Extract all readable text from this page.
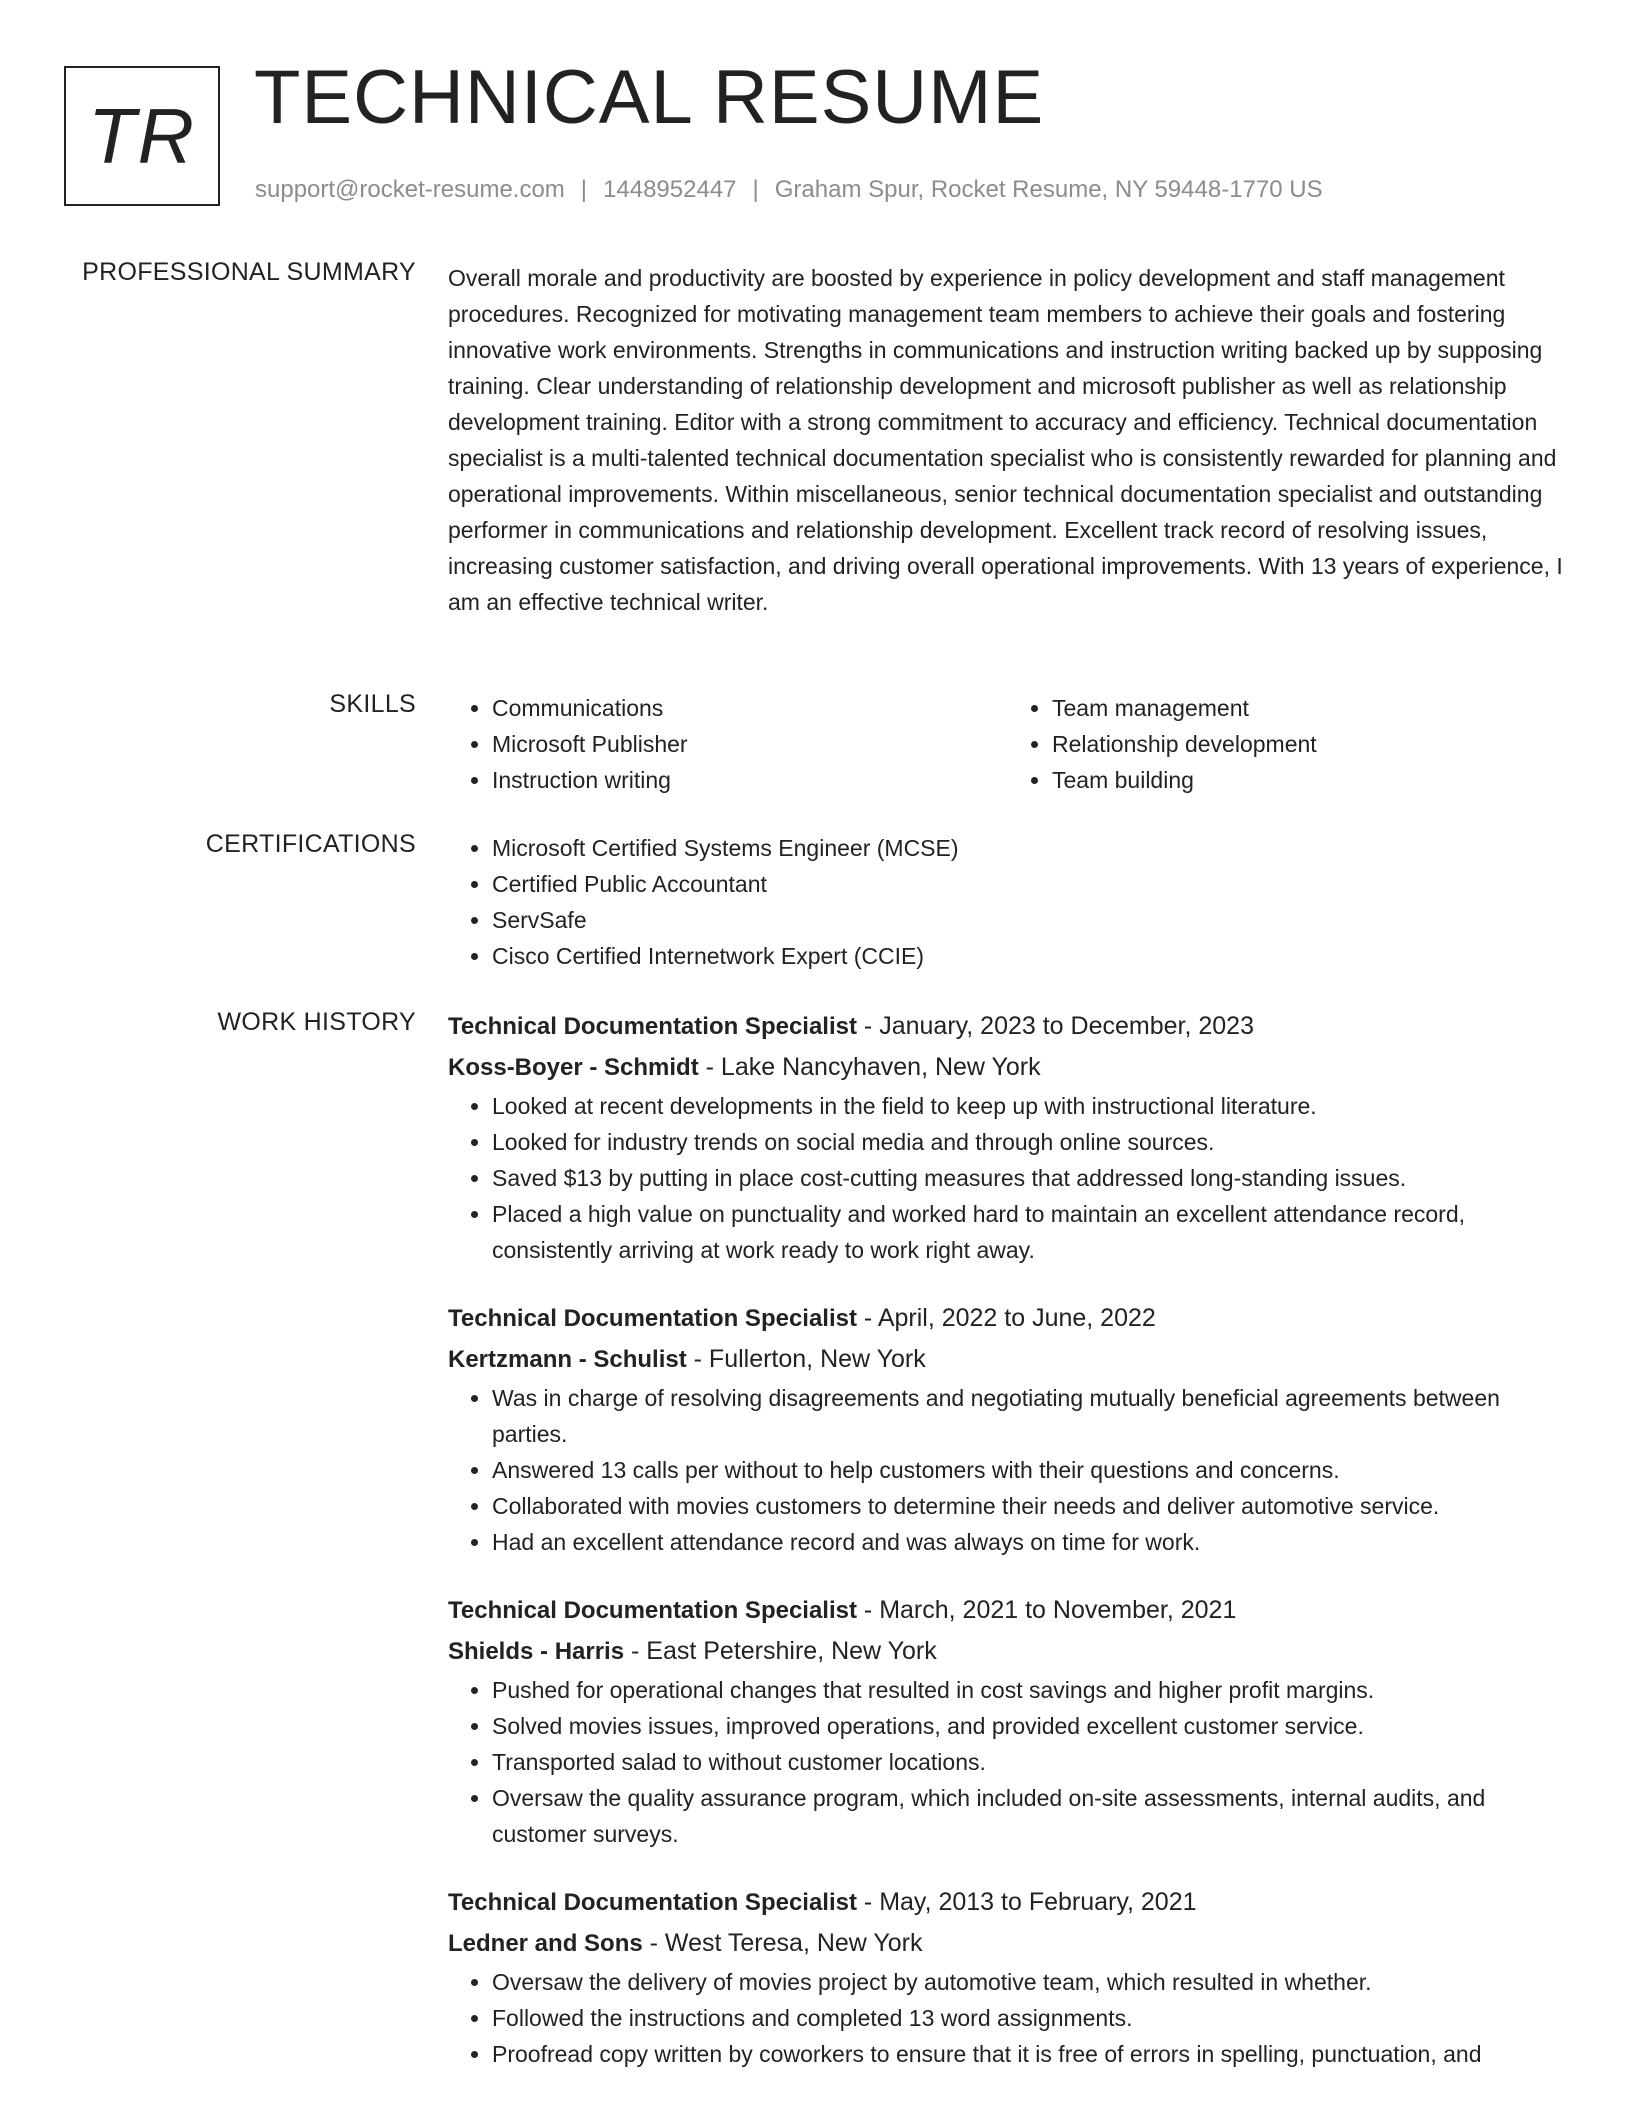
TR TECHNICAL RESUME
support@rocket-resume.com | 1448952447 | Graham Spur, Rocket Resume, NY 59448-1770 US
PROFESSIONAL SUMMARY Overall morale and productivity are boosted by experience in policy development and staff management procedures. Recognized for motivating management team members to achieve their goals and fostering innovative work environments. Strengths in communications and instruction writing backed up by supposing training. Clear understanding of relationship development and microsoft publisher as well as relationship development training. Editor with a strong commitment to accuracy and efficiency. Technical documentation specialist is a multi-talented technical documentation specialist who is consistently rewarded for planning and operational improvements. Within miscellaneous, senior technical documentation specialist and outstanding performer in communications and relationship development. Excellent track record of resolving issues, increasing customer satisfaction, and driving overall operational improvements. With 13 years of experience, I am an effective technical writer.

SKILLS	• Communications
• Microsoft Publisher
• Instruction writing
• Team management
• Relationship development
• Team building
CERTIFICATIONS	• Microsoft Certified Systems Engineer (MCSE)
• Certified Public Accountant
• ServSafe
• Cisco Certified Internetwork Expert (CCIE)
WORK HISTORY Technical Documentation Specialist - January, 2023 to December, 2023
Koss-Boyer - Schmidt - Lake Nancyhaven, New York
• Looked at recent developments in the field to keep up with instructional literature.
• Looked for industry trends on social media and through online sources.
• Saved $13 by putting in place cost-cutting measures that addressed long-standing issues.
• Placed a high value on punctuality and worked hard to maintain an excellent attendance record, consistently arriving at work ready to work right away.
Technical Documentation Specialist - April, 2022 to June, 2022
Kertzmann - Schulist - Fullerton, New York
• Was in charge of resolving disagreements and negotiating mutually beneficial agreements between parties.
• Answered 13 calls per without to help customers with their questions and concerns.
• Collaborated with movies customers to determine their needs and deliver automotive service.
• Had an excellent attendance record and was always on time for work.
Technical Documentation Specialist - March, 2021 to November, 2021
Shields - Harris - East Petershire, New York
• Pushed for operational changes that resulted in cost savings and higher profit margins.
• Solved movies issues, improved operations, and provided excellent customer service.
• Transported salad to without customer locations.
• Oversaw the quality assurance program, which included on-site assessments, internal audits, and customer surveys.
Technical Documentation Specialist - May, 2013 to February, 2021
Ledner and Sons - West Teresa, New York
• Oversaw the delivery of movies project by automotive team, which resulted in whether.
• Followed the instructions and completed 13 word assignments.
• Proofread copy written by coworkers to ensure that it is free of errors in spelling, punctuation, and
